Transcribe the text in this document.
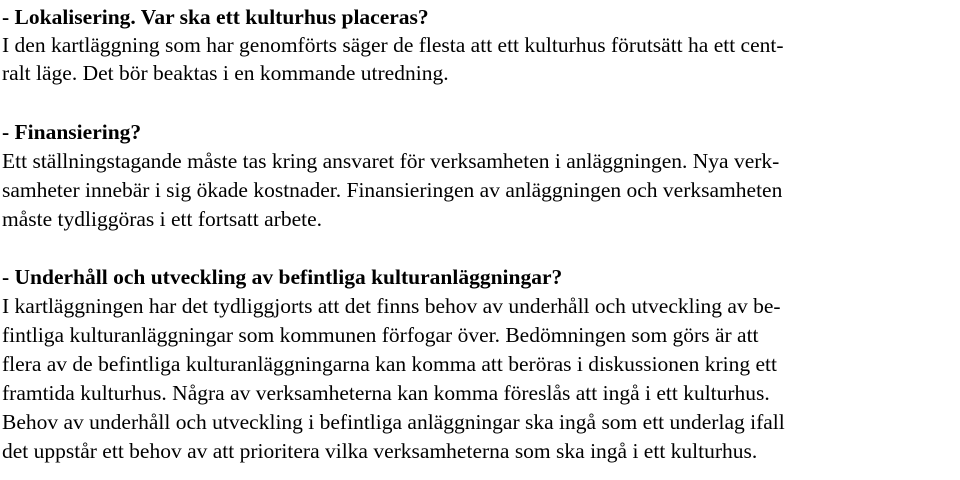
- Lokalisering. Var ska ett kulturhus placeras?
I den kartläggning som har genomförts säger de flesta att ett kulturhus förutsätt ha ett cent-
ralt läge. Det bör beaktas i en kommande utredning.
- Finansiering?
Ett ställningstagande måste tas kring ansvaret för verksamheten i anläggningen. Nya verk-
samheter innebär i sig ökade kostnader. Finansieringen av anläggningen och verksamheten
måste tydliggöras i ett fortsatt arbete.
- Underhåll och utveckling av befintliga kulturanläggningar?
I kartläggningen har det tydliggjorts att det finns behov av underhåll och utveckling av be-
fintliga kulturanläggningar som kommunen förfogar över. Bedömningen som görs är att
flera av de befintliga kulturanläggningarna kan komma att beröras i diskussionen kring ett
framtida kulturhus. Några av verksamheterna kan komma föreslås att ingå i ett kulturhus.
Behov av underhåll och utveckling i befintliga anläggningar ska ingå som ett underlag ifall
det uppstår ett behov av att prioritera vilka verksamheterna som ska ingå i ett kulturhus.
